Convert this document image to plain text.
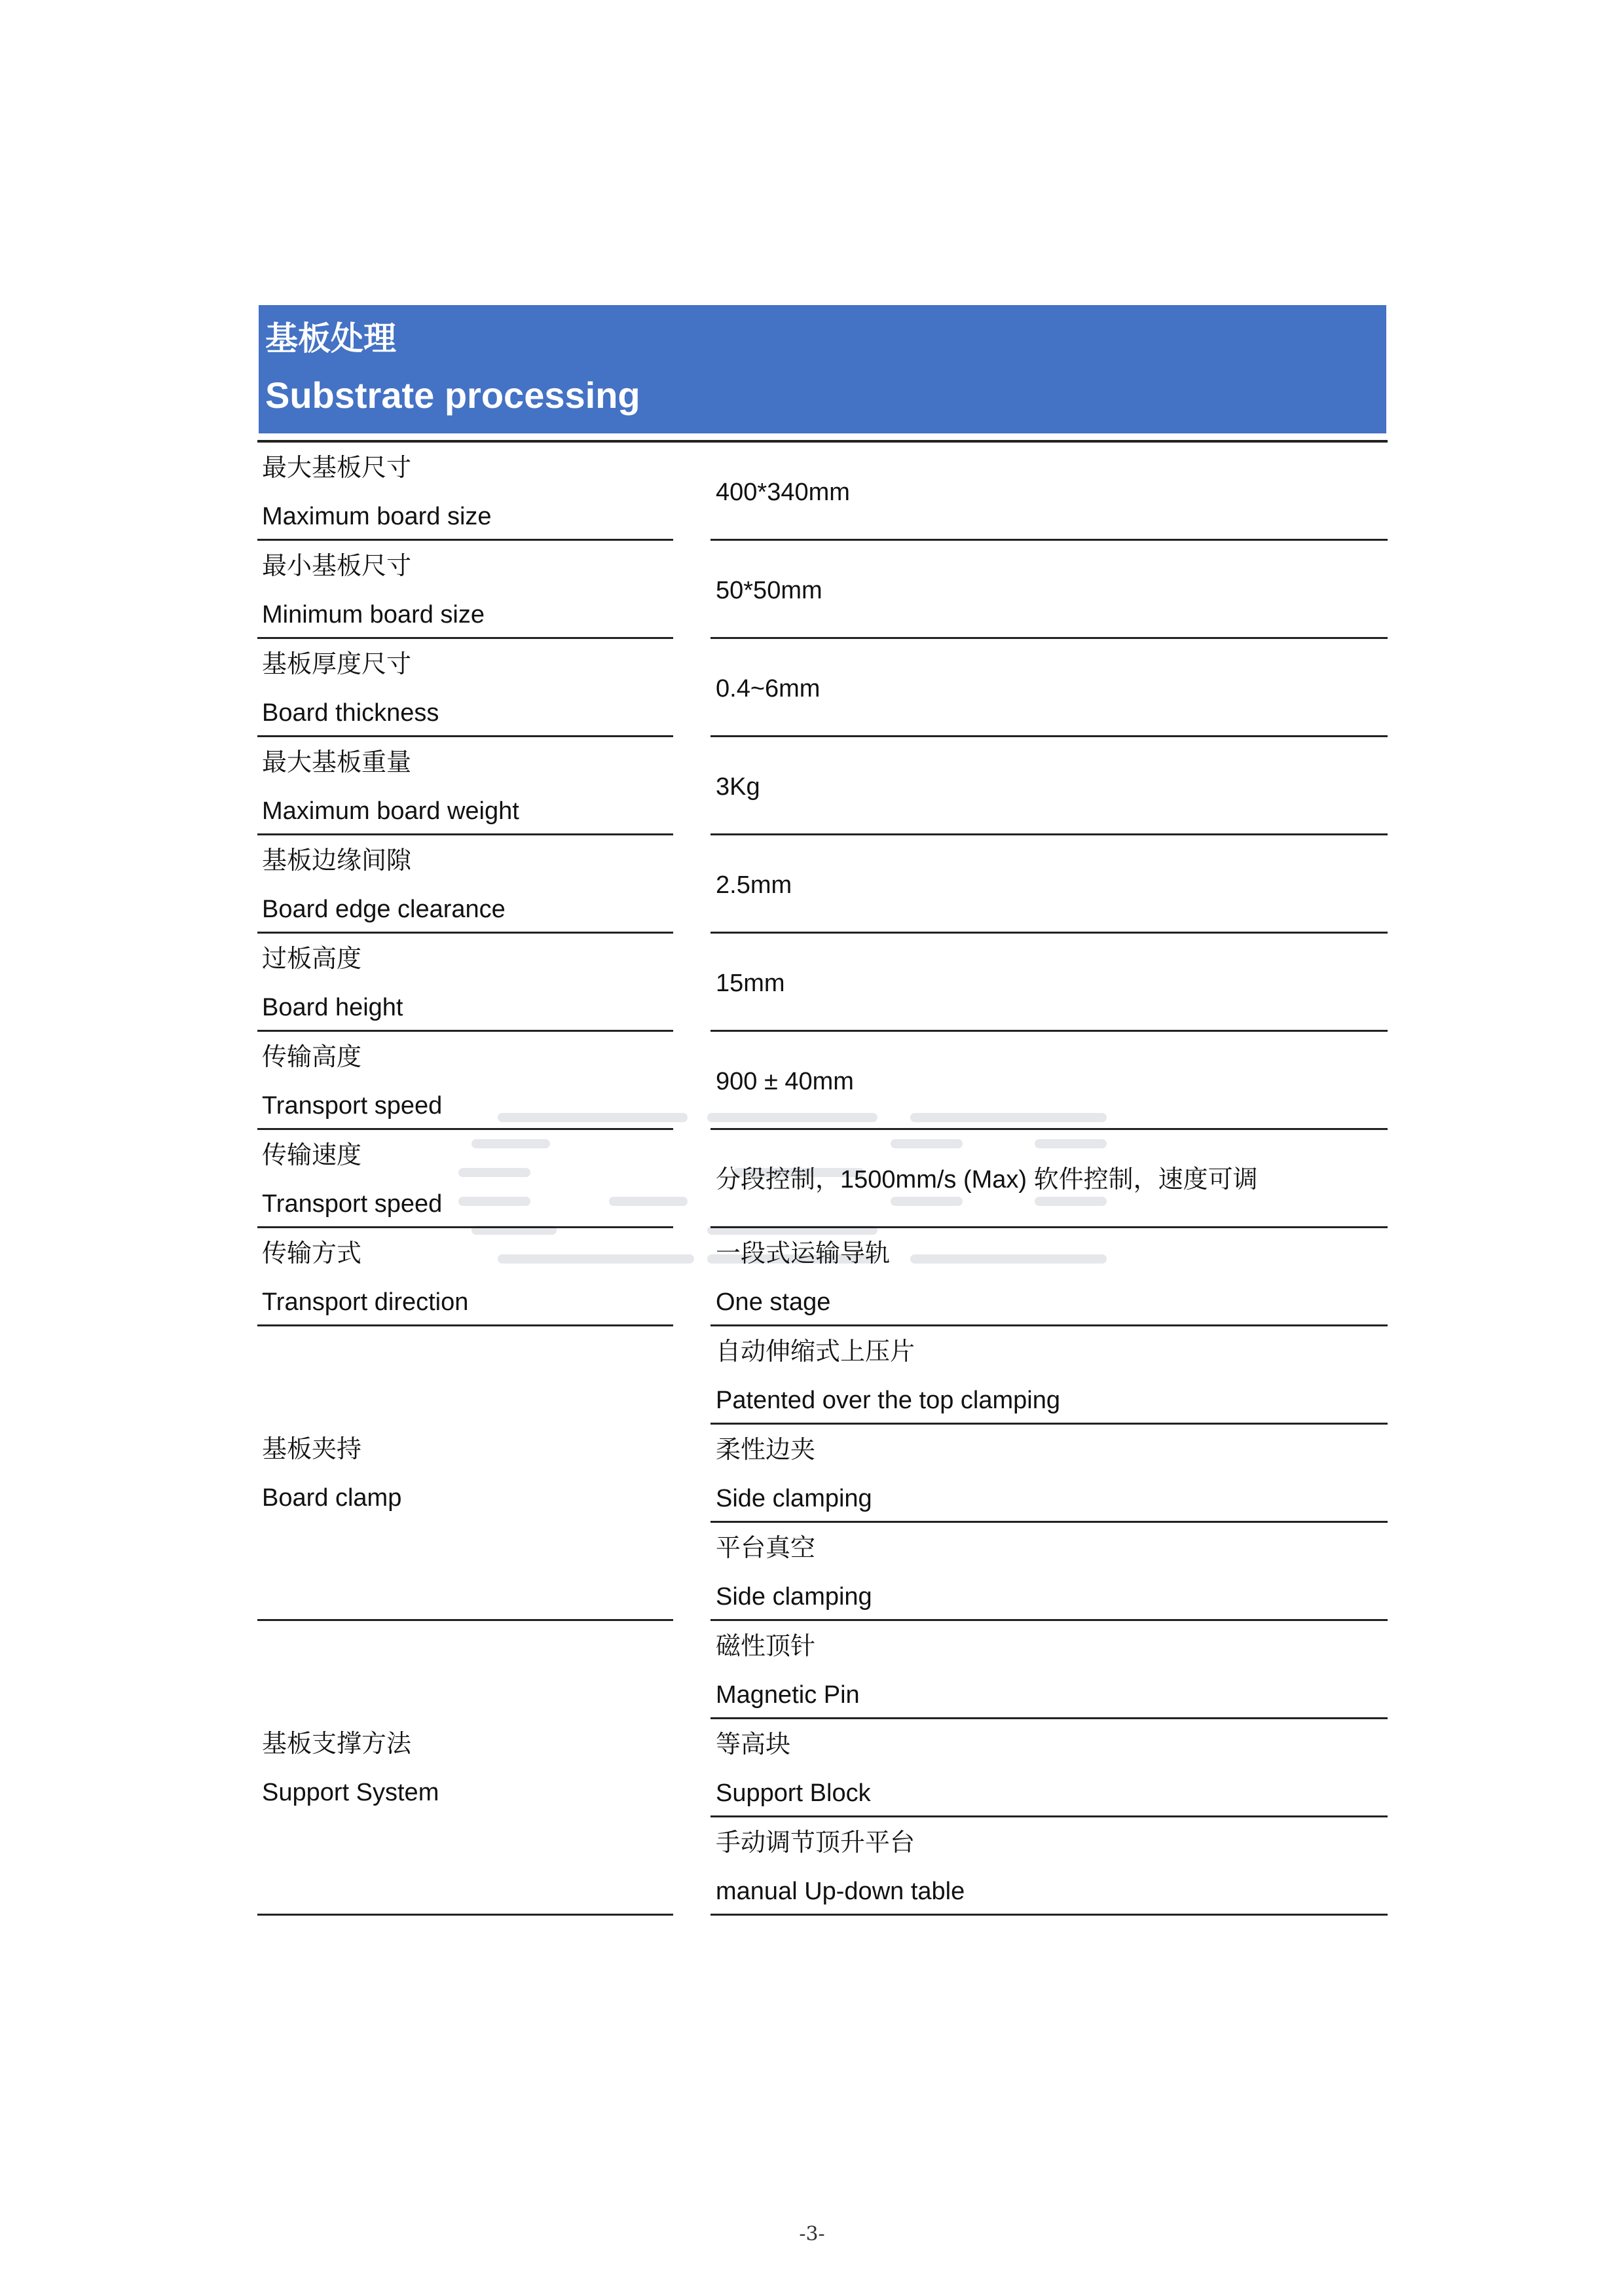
基板处理
Substrate processing
最大基板尺寸
Maximum board size
400*340mm
最小基板尺寸
Minimum board size
50*50mm
基板厚度尺寸
Board thickness
0.4~6mm
最大基板重量
Maximum board weight
3Kg
基板边缘间隙
Board edge clearance
2.5mm
过板高度
Board height
15mm
传输高度
Transport speed
900 ± 40mm
传输速度
Transport speed
分段控制，1500mm/s (Max) 软件控制，速度可调
传输方式
Transport direction
一段式运输导轨
One stage
基板夹持
Board clamp
自动伸缩式上压片
Patented over the top clamping
柔性边夹
Side clamping
平台真空
Side clamping
基板支撑方法
Support System
磁性顶针
Magnetic Pin
等高块
Support Block
手动调节顶升平台
manual Up-down table
-3-
